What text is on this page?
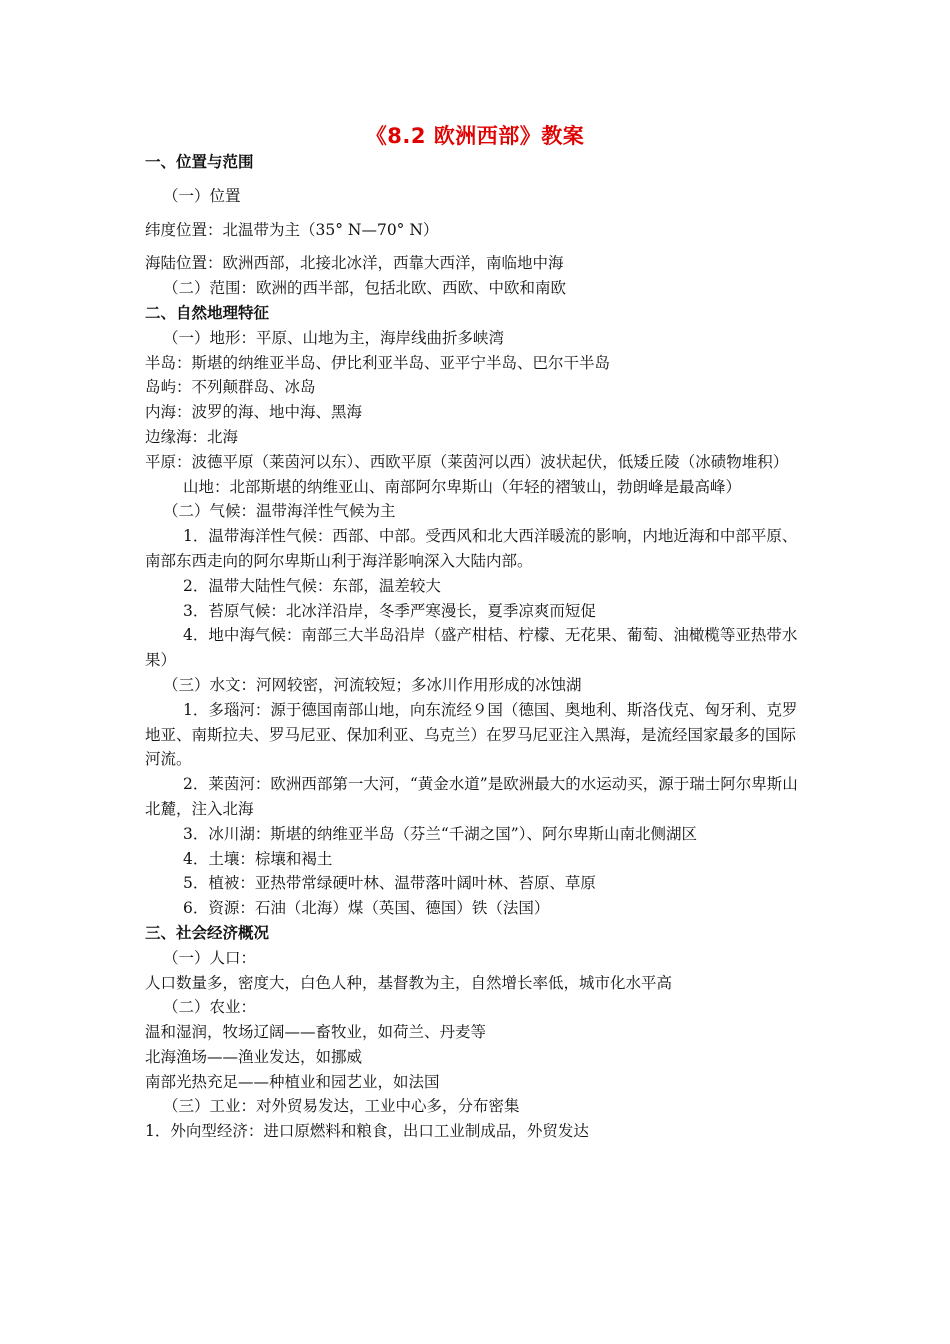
《8.2 欧洲西部》教案
一、位置与范围
（一）位置
纬度位置：北温带为主（35° N—70° N）
海陆位置：欧洲西部，北接北冰洋，西靠大西洋，南临地中海
（二）范围：欧洲的西半部，包括北欧、西欧、中欧和南欧
二、自然地理特征
（一）地形：平原、山地为主，海岸线曲折多峡湾
半岛：斯堪的纳维亚半岛、伊比利亚半岛、亚平宁半岛、巴尔干半岛
岛屿：不列颠群岛、冰岛
内海：波罗的海、地中海、黑海
边缘海：北海
平原：波德平原（莱茵河以东）、西欧平原（莱茵河以西）波状起伏，低矮丘陵（冰碛物堆积）
山地：北部斯堪的纳维亚山、南部阿尔卑斯山（年轻的褶皱山，勃朗峰是最高峰）
（二）气候：温带海洋性气候为主
1．温带海洋性气候：西部、中部。受西风和北大西洋暖流的影响，内地近海和中部平原、南部东西走向的阿尔卑斯山利于海洋影响深入大陆内部。
2．温带大陆性气候：东部，温差较大
3．苔原气候：北冰洋沿岸，冬季严寒漫长，夏季凉爽而短促
4．地中海气候：南部三大半岛沿岸（盛产柑桔、柠檬、无花果、葡萄、油橄榄等亚热带水果）
（三）水文：河网较密，河流较短；多冰川作用形成的冰蚀湖
1．多瑙河：源于德国南部山地，向东流经９国（德国、奥地利、斯洛伐克、匈牙利、克罗地亚、南斯拉夫、罗马尼亚、保加利亚、乌克兰）在罗马尼亚注入黑海，是流经国家最多的国际河流。
2．莱茵河：欧洲西部第一大河，“黄金水道”是欧洲最大的水运动买，源于瑞士阿尔卑斯山北麓，注入北海
3．冰川湖：斯堪的纳维亚半岛（芬兰“千湖之国”）、阿尔卑斯山南北侧湖区
4．土壤：棕壤和褐土
5．植被：亚热带常绿硬叶林、温带落叶阔叶林、苔原、草原
6．资源：石油（北海）煤（英国、德国）铁（法国）
三、社会经济概况
（一）人口：
人口数量多，密度大，白色人种，基督教为主，自然增长率低，城市化水平高
（二）农业：
温和湿润，牧场辽阔——畜牧业，如荷兰、丹麦等
北海渔场——渔业发达，如挪威
南部光热充足——种植业和园艺业，如法国
（三）工业：对外贸易发达，工业中心多，分布密集
1．外向型经济：进口原燃料和粮食，出口工业制成品，外贸发达
